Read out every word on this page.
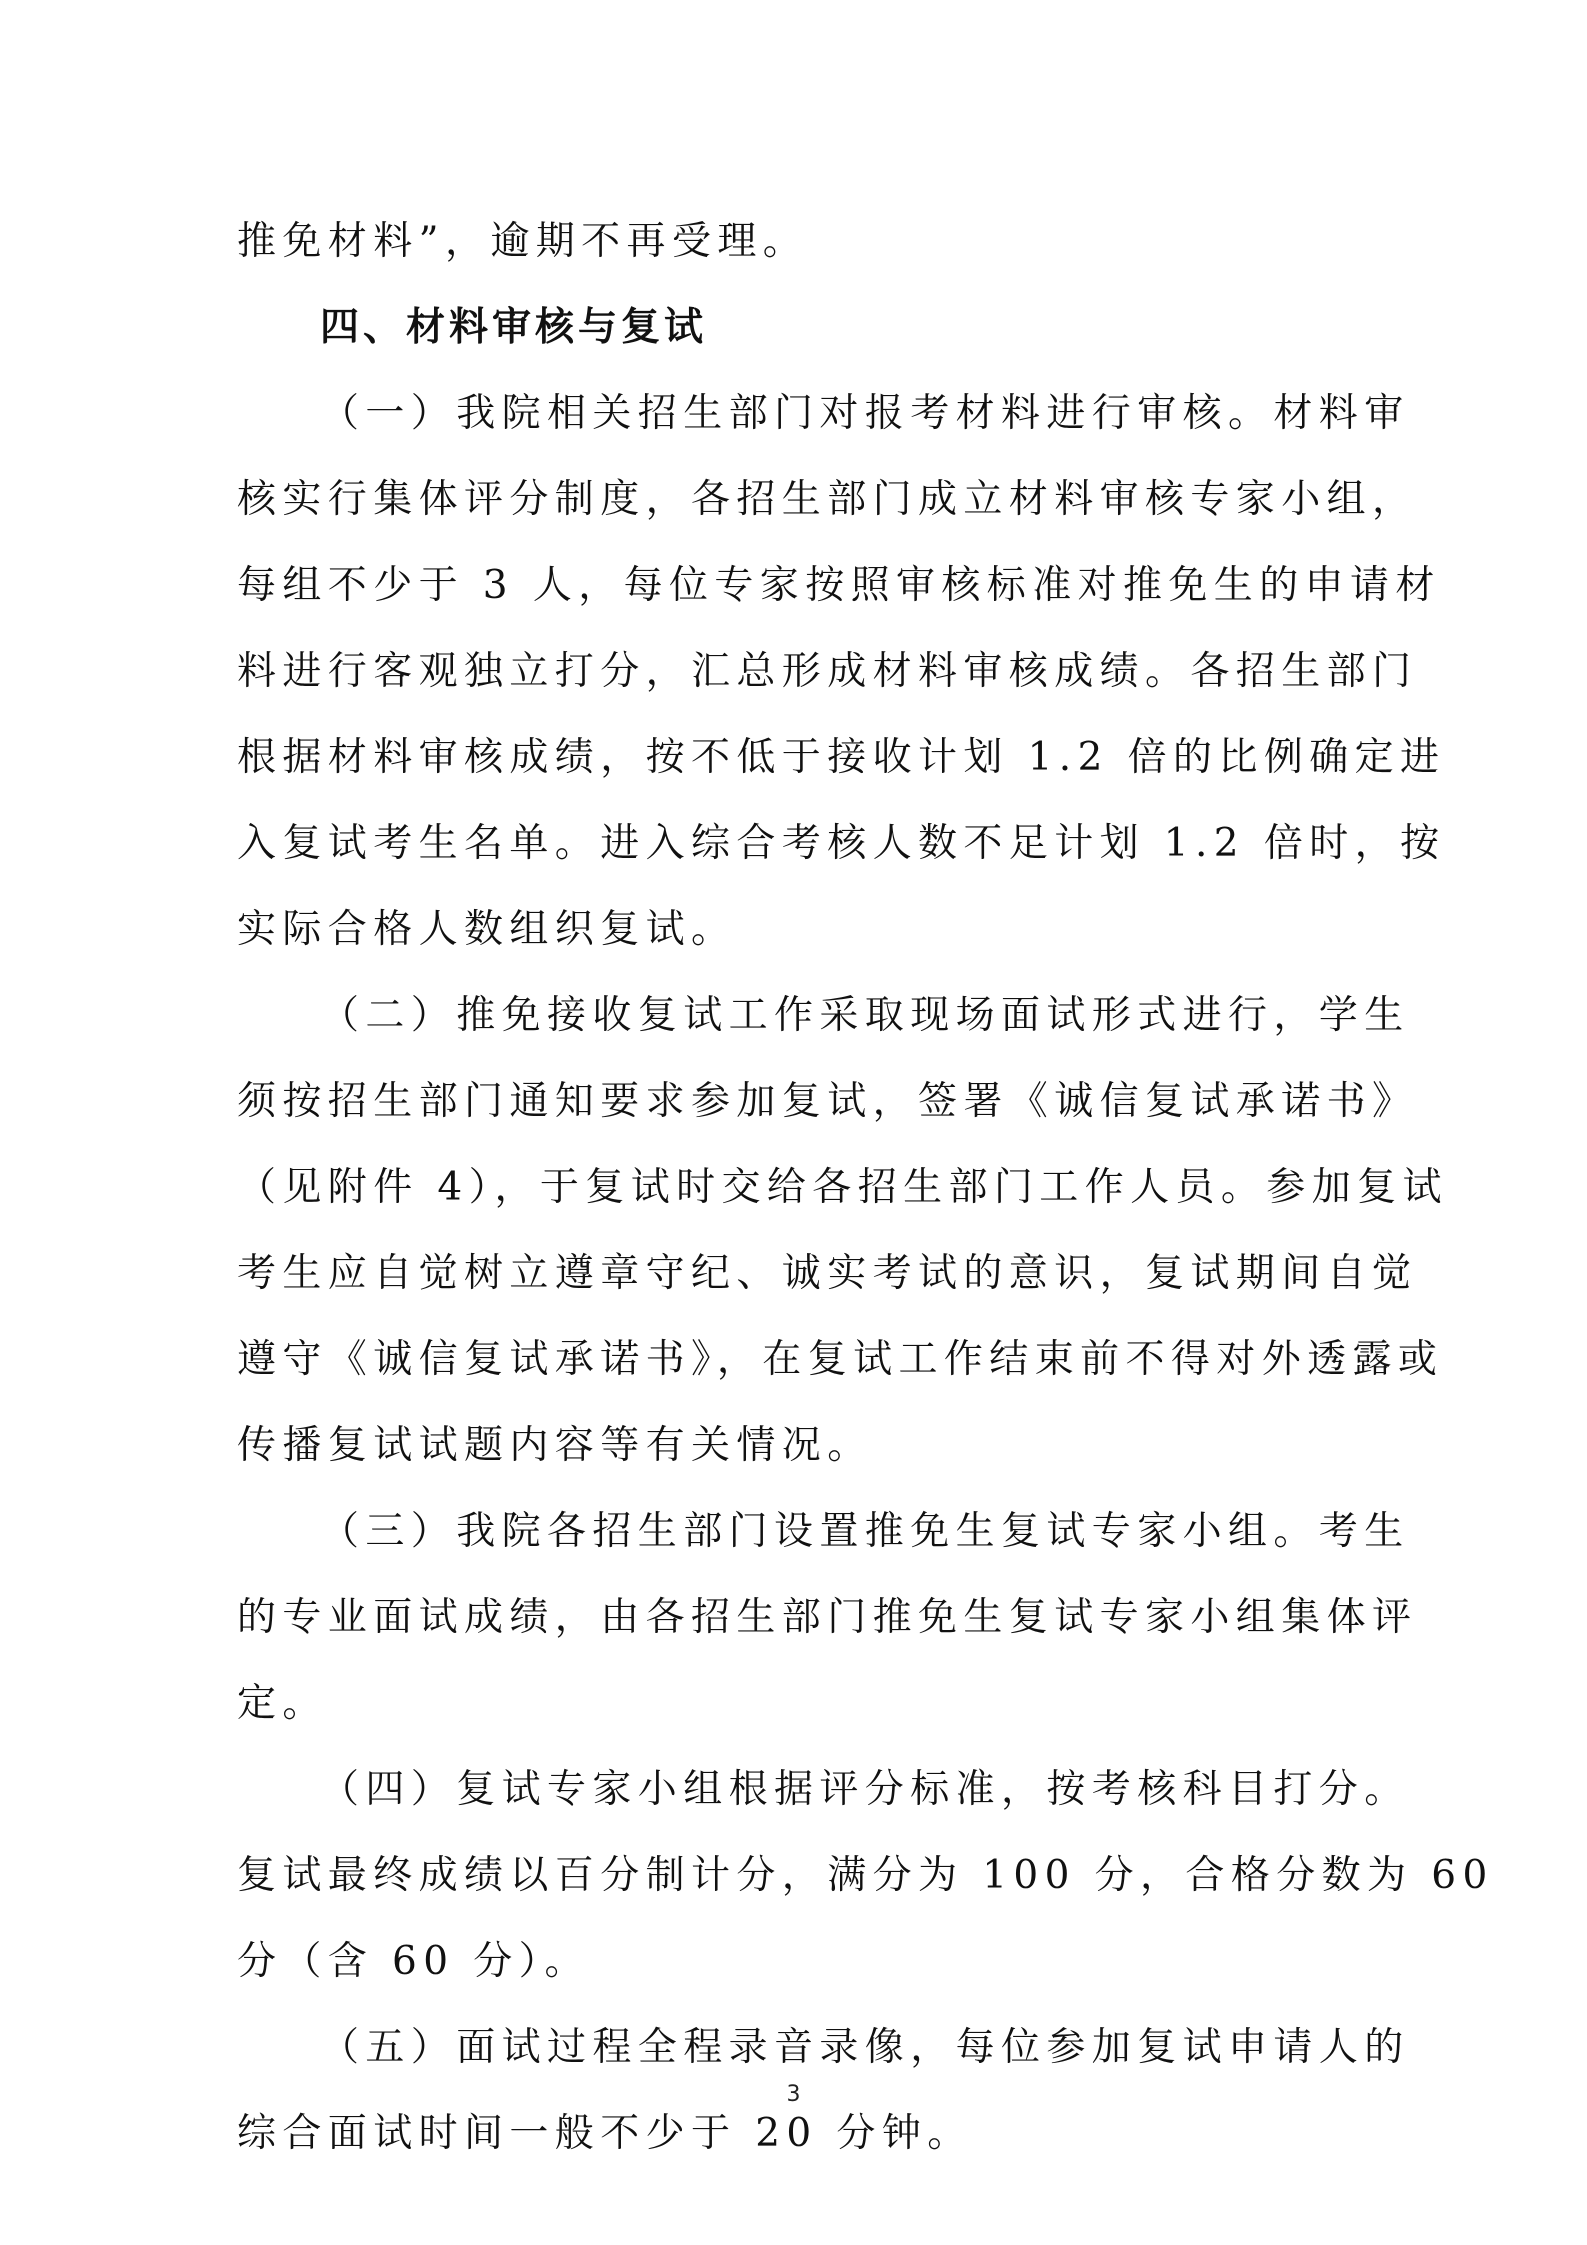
推免材料”，逾期不再受理。
四、材料审核与复试
（一）我院相关招生部门对报考材料进行审核。材料审
核实行集体评分制度，各招生部门成立材料审核专家小组，
每组不少于 3 人，每位专家按照审核标准对推免生的申请材
料进行客观独立打分，汇总形成材料审核成绩。各招生部门
根据材料审核成绩，按不低于接收计划 1.2 倍的比例确定进
入复试考生名单。进入综合考核人数不足计划 1.2 倍时，按
实际合格人数组织复试。
（二）推免接收复试工作采取现场面试形式进行，学生
须按招生部门通知要求参加复试，签署《诚信复试承诺书》
（见附件 4），于复试时交给各招生部门工作人员。参加复试
考生应自觉树立遵章守纪、诚实考试的意识，复试期间自觉
遵守《诚信复试承诺书》，在复试工作结束前不得对外透露或
传播复试试题内容等有关情况。
（三）我院各招生部门设置推免生复试专家小组。考生
的专业面试成绩，由各招生部门推免生复试专家小组集体评
定。
（四）复试专家小组根据评分标准，按考核科目打分。
复试最终成绩以百分制计分，满分为 100 分，合格分数为 60
分（含 60 分）。
（五）面试过程全程录音录像，每位参加复试申请人的
综合面试时间一般不少于 20 分钟。
3
